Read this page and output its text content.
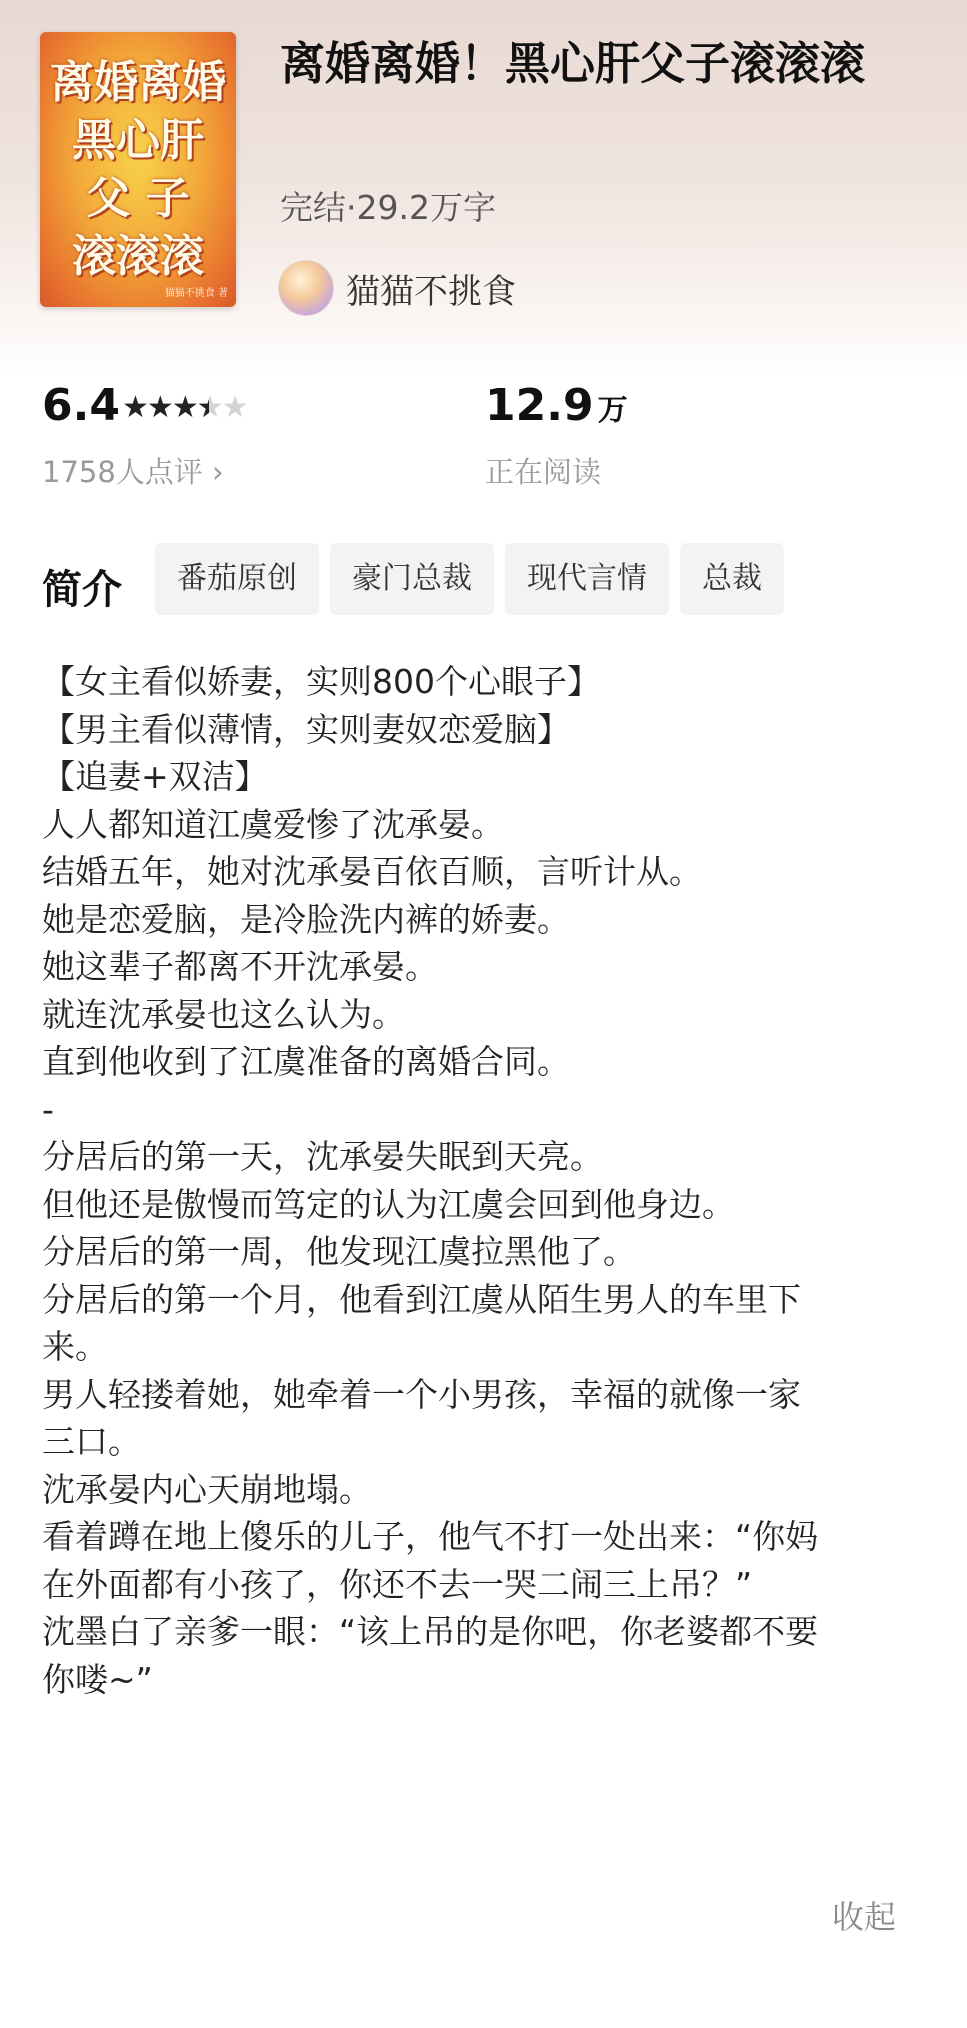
离婚离婚
黑心肝
父 子
滚滚滚
猫猫不挑食 著
离婚离婚！黑心肝父子滚滚滚
完结·29.2万字
猫猫不挑食
6.4 ★★★★ ★★
1758人点评 ›
12.9 万
正在阅读
简介	番茄原创	豪门总裁	现代言情	总裁
【女主看似娇妻，实则800个心眼子】
【男主看似薄情，实则妻奴恋爱脑】
【追妻+双洁】
人人都知道江虞爱惨了沈承晏。
结婚五年，她对沈承晏百依百顺，言听计从。
她是恋爱脑，是冷脸洗内裤的娇妻。
她这辈子都离不开沈承晏。
就连沈承晏也这么认为。
直到他收到了江虞准备的离婚合同。
-
分居后的第一天，沈承晏失眠到天亮。
但他还是傲慢而笃定的认为江虞会回到他身边。
分居后的第一周，他发现江虞拉黑他了。
分居后的第一个月，他看到江虞从陌生男人的车里下
来。
男人轻搂着她，她牵着一个小男孩，幸福的就像一家
三口。
沈承晏内心天崩地塌。
看着蹲在地上傻乐的儿子，他气不打一处出来：“你妈
在外面都有小孩了，你还不去一哭二闹三上吊？”
沈墨白了亲爹一眼：“该上吊的是你吧，你老婆都不要
你喽~”
收起
